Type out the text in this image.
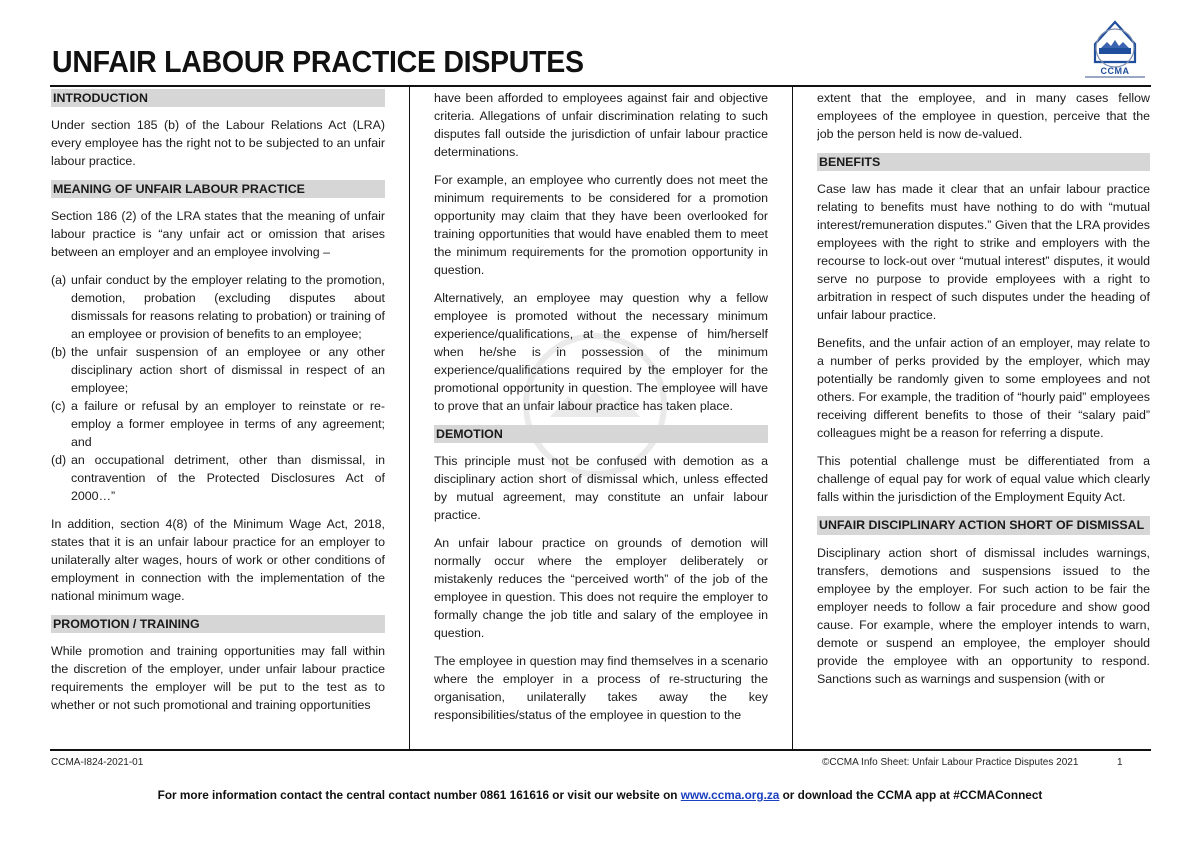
UNFAIR LABOUR PRACTICE DISPUTES	CCMA
INTRODUCTION

Under section 185 (b) of the Labour Relations Act (LRA) every employee has the right not to be subjected to an unfair labour practice.

MEANING OF UNFAIR LABOUR PRACTICE

Section 186 (2) of the LRA states that the meaning of unfair labour practice is “any unfair act or omission that arises between an employer and an employee involving –

(a) unfair conduct by the employer relating to the promotion, demotion, probation (excluding disputes about dismissals for reasons relating to probation) or training of an employee or provision of benefits to an employee;
(b) the unfair suspension of an employee or any other disciplinary action short of dismissal in respect of an employee;
(c) a failure or refusal by an employer to reinstate or re-employ a former employee in terms of any agreement; and
(d) an occupational detriment, other than dismissal, in contravention of the Protected Disclosures Act of 2000…”

In addition, section 4(8) of the Minimum Wage Act, 2018, states that it is an unfair labour practice for an employer to unilaterally alter wages, hours of work or other conditions of employment in connection with the implementation of the national minimum wage.

PROMOTION / TRAINING

While promotion and training opportunities may fall within the discretion of the employer, under unfair labour practice requirements the employer will be put to the test as to whether or not such promotional and training opportunities

have been afforded to employees against fair and objective criteria. Allegations of unfair discrimination relating to such disputes fall outside the jurisdiction of unfair labour practice determinations.

For example, an employee who currently does not meet the minimum requirements to be considered for a promotion opportunity may claim that they have been overlooked for training opportunities that would have enabled them to meet the minimum requirements for the promotion opportunity in question.

Alternatively, an employee may question why a fellow employee is promoted without the necessary minimum experience/qualifications, at the expense of him/herself when he/she is in possession of the minimum experience/qualifications required by the employer for the promotional opportunity in question. The employee will have to prove that an unfair labour practice has taken place.

DEMOTION

This principle must not be confused with demotion as a disciplinary action short of dismissal which, unless effected by mutual agreement, may constitute an unfair labour practice.

An unfair labour practice on grounds of demotion will normally occur where the employer deliberately or mistakenly reduces the “perceived worth” of the job of the employee in question. This does not require the employer to formally change the job title and salary of the employee in question.

The employee in question may find themselves in a scenario where the employer in a process of re-structuring the organisation, unilaterally takes away the key responsibilities/status of the employee in question to the

extent that the employee, and in many cases fellow employees of the employee in question, perceive that the job the person held is now de-valued.

BENEFITS

Case law has made it clear that an unfair labour practice relating to benefits must have nothing to do with “mutual interest/remuneration disputes.” Given that the LRA provides employees with the right to strike and employers with the recourse to lock-out over “mutual interest” disputes, it would serve no purpose to provide employees with a right to arbitration in respect of such disputes under the heading of unfair labour practice.

Benefits, and the unfair action of an employer, may relate to a number of perks provided by the employer, which may potentially be randomly given to some employees and not others. For example, the tradition of “hourly paid” employees receiving different benefits to those of their “salary paid” colleagues might be a reason for referring a dispute.

This potential challenge must be differentiated from a challenge of equal pay for work of equal value which clearly falls within the jurisdiction of the Employment Equity Act.

UNFAIR DISCIPLINARY ACTION SHORT OF DISMISSAL

Disciplinary action short of dismissal includes warnings, transfers, demotions and suspensions issued to the employee by the employer. For such action to be fair the employer needs to follow a fair procedure and show good cause. For example, where the employer intends to warn, demote or suspend an employee, the employer should provide the employee with an opportunity to respond. Sanctions such as warnings and suspension (with or

CCMA-I824-2021-01	©CCMA Info Sheet: Unfair Labour Practice Disputes 2021	1
For more information contact the central contact number 0861 161616 or visit our website on www.ccma.org.za or download the CCMA app at #CCMAConnect
